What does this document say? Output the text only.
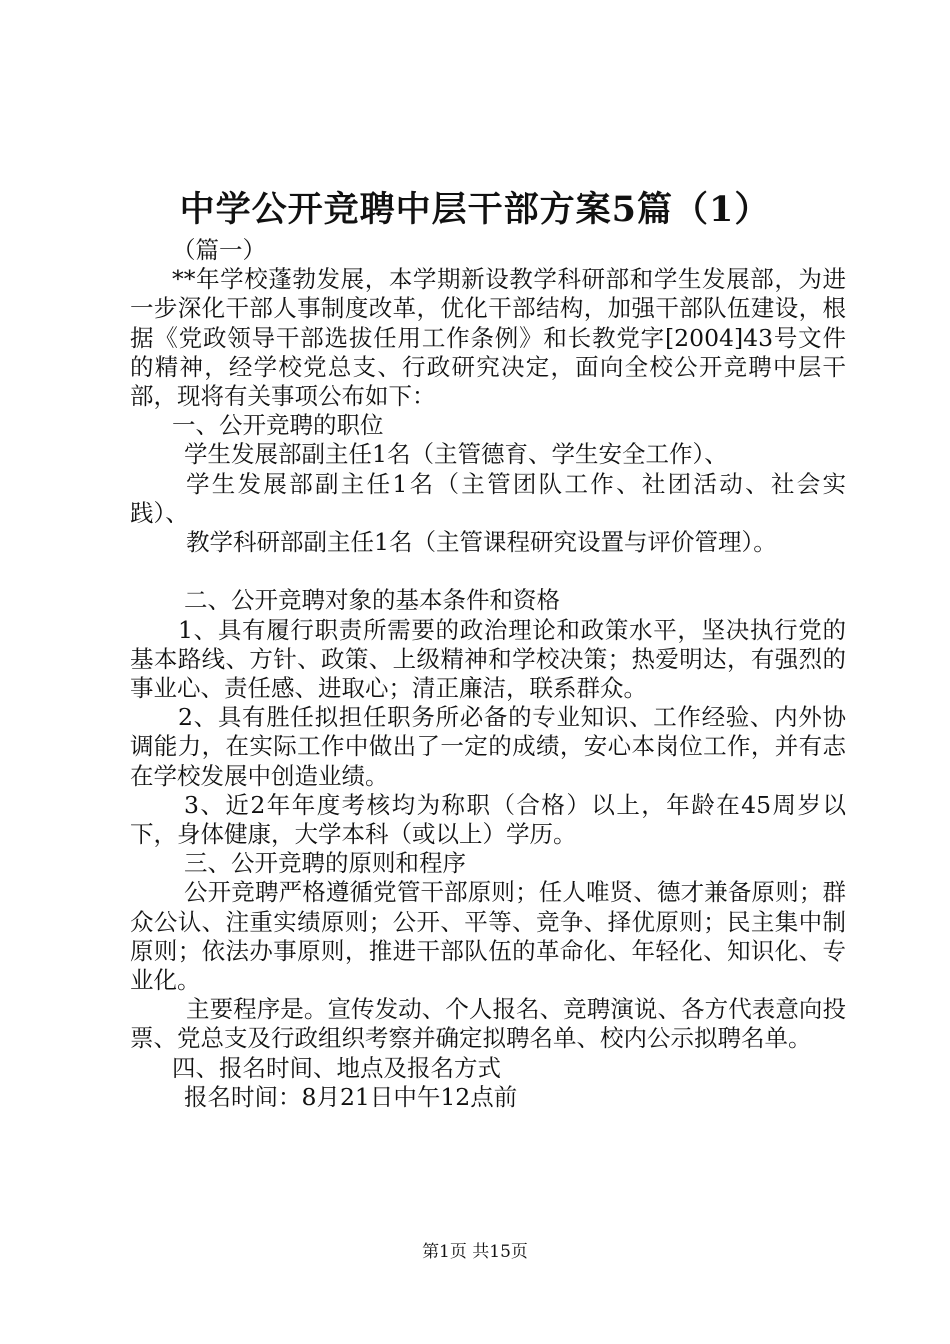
中学公开竞聘中层干部方案5篇（1）

（篇一）

**年学校蓬勃发展，本学期新设教学科研部和学生发展部，为进一步深化干部人事制度改革，优化干部结构，加强干部队伍建设，根据《党政领导干部选拔任用工作条例》和长教党字[2004]43号文件的精神，经学校党总支、行政研究决定，面向全校公开竞聘中层干部，现将有关事项公布如下：

一、公开竞聘的职位

学生发展部副主任1名（主管德育、学生安全工作）、

学生发展部副主任1名（主管团队工作、社团活动、社会实践）、

教学科研部副主任1名（主管课程研究设置与评价管理）。

二、公开竞聘对象的基本条件和资格

1、具有履行职责所需要的政治理论和政策水平，坚决执行党的基本路线、方针、政策、上级精神和学校决策；热爱明达，有强烈的事业心、责任感、进取心；清正廉洁，联系群众。

2、具有胜任拟担任职务所必备的专业知识、工作经验、内外协调能力，在实际工作中做出了一定的成绩，安心本岗位工作，并有志在学校发展中创造业绩。

3、近2年年度考核均为称职（合格）以上，年龄在45周岁以下，身体健康，大学本科（或以上）学历。

三、公开竞聘的原则和程序

公开竞聘严格遵循党管干部原则；任人唯贤、德才兼备原则；群众公认、注重实绩原则；公开、平等、竞争、择优原则；民主集中制原则；依法办事原则，推进干部队伍的革命化、年轻化、知识化、专业化。

主要程序是。宣传发动、个人报名、竞聘演说、各方代表意向投票、党总支及行政组织考察并确定拟聘名单、校内公示拟聘名单。

四、报名时间、地点及报名方式

报名时间：8月21日中午12点前

第1页 共15页
